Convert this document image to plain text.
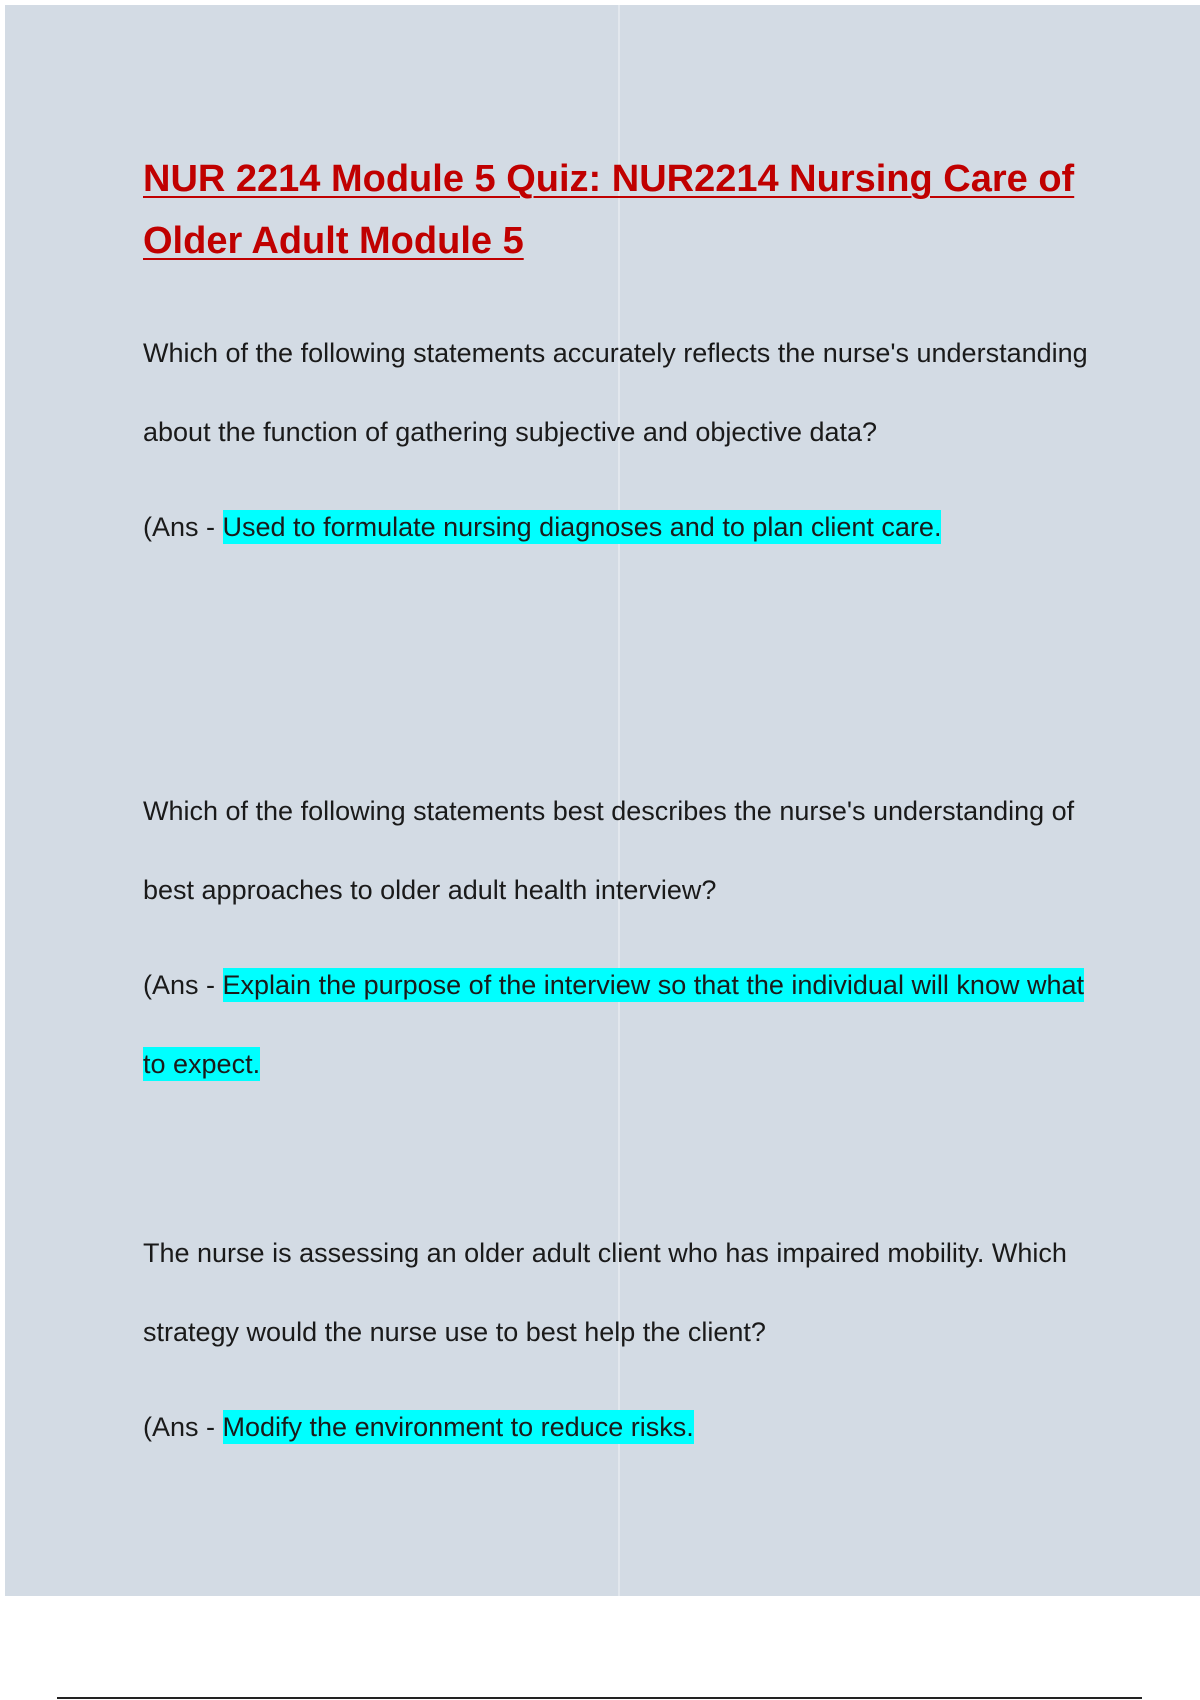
NUR 2214 Module 5 Quiz: NUR2214 Nursing Care of Older Adult Module 5

Which of the following statements accurately reflects the nurse's understanding about the function of gathering subjective and objective data?

(Ans - Used to formulate nursing diagnoses and to plan client care.

Which of the following statements best describes the nurse's understanding of best approaches to older adult health interview?

(Ans - Explain the purpose of the interview so that the individual will know what to expect.

The nurse is assessing an older adult client who has impaired mobility. Which strategy would the nurse use to best help the client?

(Ans - Modify the environment to reduce risks.
